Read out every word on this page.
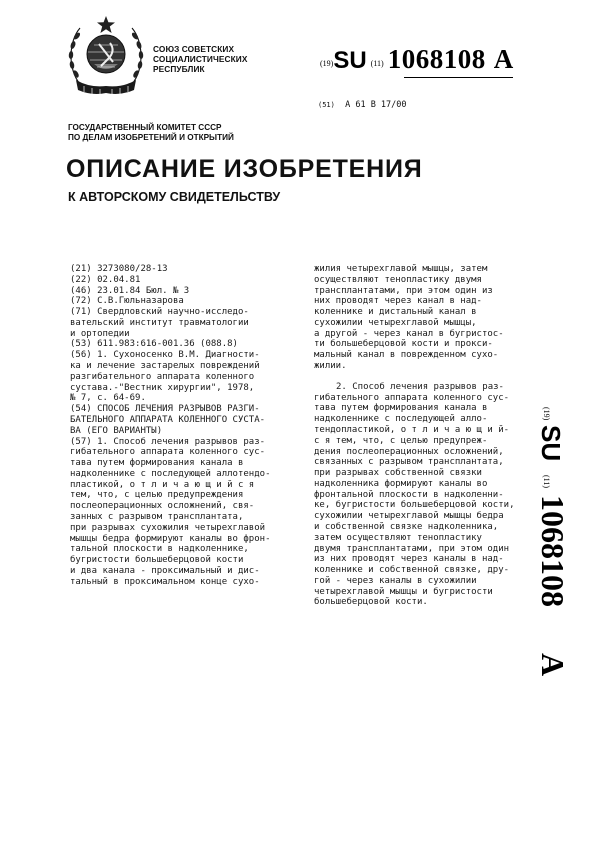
СОЮЗ СОВЕТСКИХ
СОЦИАЛИСТИЧЕСКИХ
РЕСПУБЛИК
(19)SU (11) 1068108 A
(51) A 61 B 17/00
ГОСУДАРСТВЕННЫЙ КОМИТЕТ СССР
ПО ДЕЛАМ ИЗОБРЕТЕНИЙ И ОТКРЫТИЙ
ОПИСАНИЕ ИЗОБРЕТЕНИЯ
К АВТОРСКОМУ СВИДЕТЕЛЬСТВУ
(21) 3273080/28-13
(22) 02.04.81
(46) 23.01.84 Бюл. № 3
(72) С.В.Гюльназарова
(71) Свердловский научно-исследо-
вательский институт травматологии
и ортопедии
(53) 611.983:616-001.36 (088.8)
(56) 1. Сухоносенко В.М. Диагности-
ка и лечение застарелых повреждений
разгибательного аппарата коленного
сустава.-"Вестник хирургии", 1978,
№ 7, с. 64-69.
(54) СПОСОБ ЛЕЧЕНИЯ РАЗРЫВОВ РАЗГИ-
БАТЕЛЬНОГО АППАРАТА КОЛЕННОГО СУСТА-
ВА (ЕГО ВАРИАНТЫ)
(57) 1. Способ лечения разрывов раз-
гибательного аппарата коленного сус-
тава путем формирования канала в
надколеннике с последующей аллотендо-
пластикой, о т л и ч а ю щ и й с я
тем, что, с целью предупреждения
послеоперационных осложнений, свя-
занных с разрывом трансплантата,
при разрывах сухожилия четырехглавой
мышцы бедра формируют каналы во фрон-
тальной плоскости в надколеннике,
бугристости большеберцовой кости
и два канала - проксимальный и дис-
тальный в проксимальном конце сухо-
жилия четырехглавой мышцы, затем
осуществляют тенопластику двумя
трансплантатами, при этом один из
них проводят через канал в над-
коленнике и дистальный канал в
сухожилии четырехглавой мышцы,
а другой - через канал в бугристос-
ти большеберцовой кости и прокси-
мальный канал в поврежденном сухо-
жилии.
2. Способ лечения разрывов раз-
гибательного аппарата коленного сус-
тава путем формирования канала в
надколеннике с последующей алло-
тендопластикой, о т л и ч а ю щ и й-
с я тем, что, с целью предупреж-
дения послеоперационных осложнений,
связанных с разрывом трансплантата,
при разрывах собственной связки
надколенника формируют каналы во
фронтальной плоскости в надколенни-
ке, бугристости большеберцовой кости,
сухожилии четырехглавой мышцы бедра
и собственной связке надколенника,
затем осуществляют тенопластику
двумя трансплантатами, при этом один
из них проводят через каналы в над-
коленнике и собственной связке, дру-
гой - через каналы в сухожилии
четырехглавой мышцы и бугристости
большеберцовой кости.
(19)
SU
(11)
1068108
A
